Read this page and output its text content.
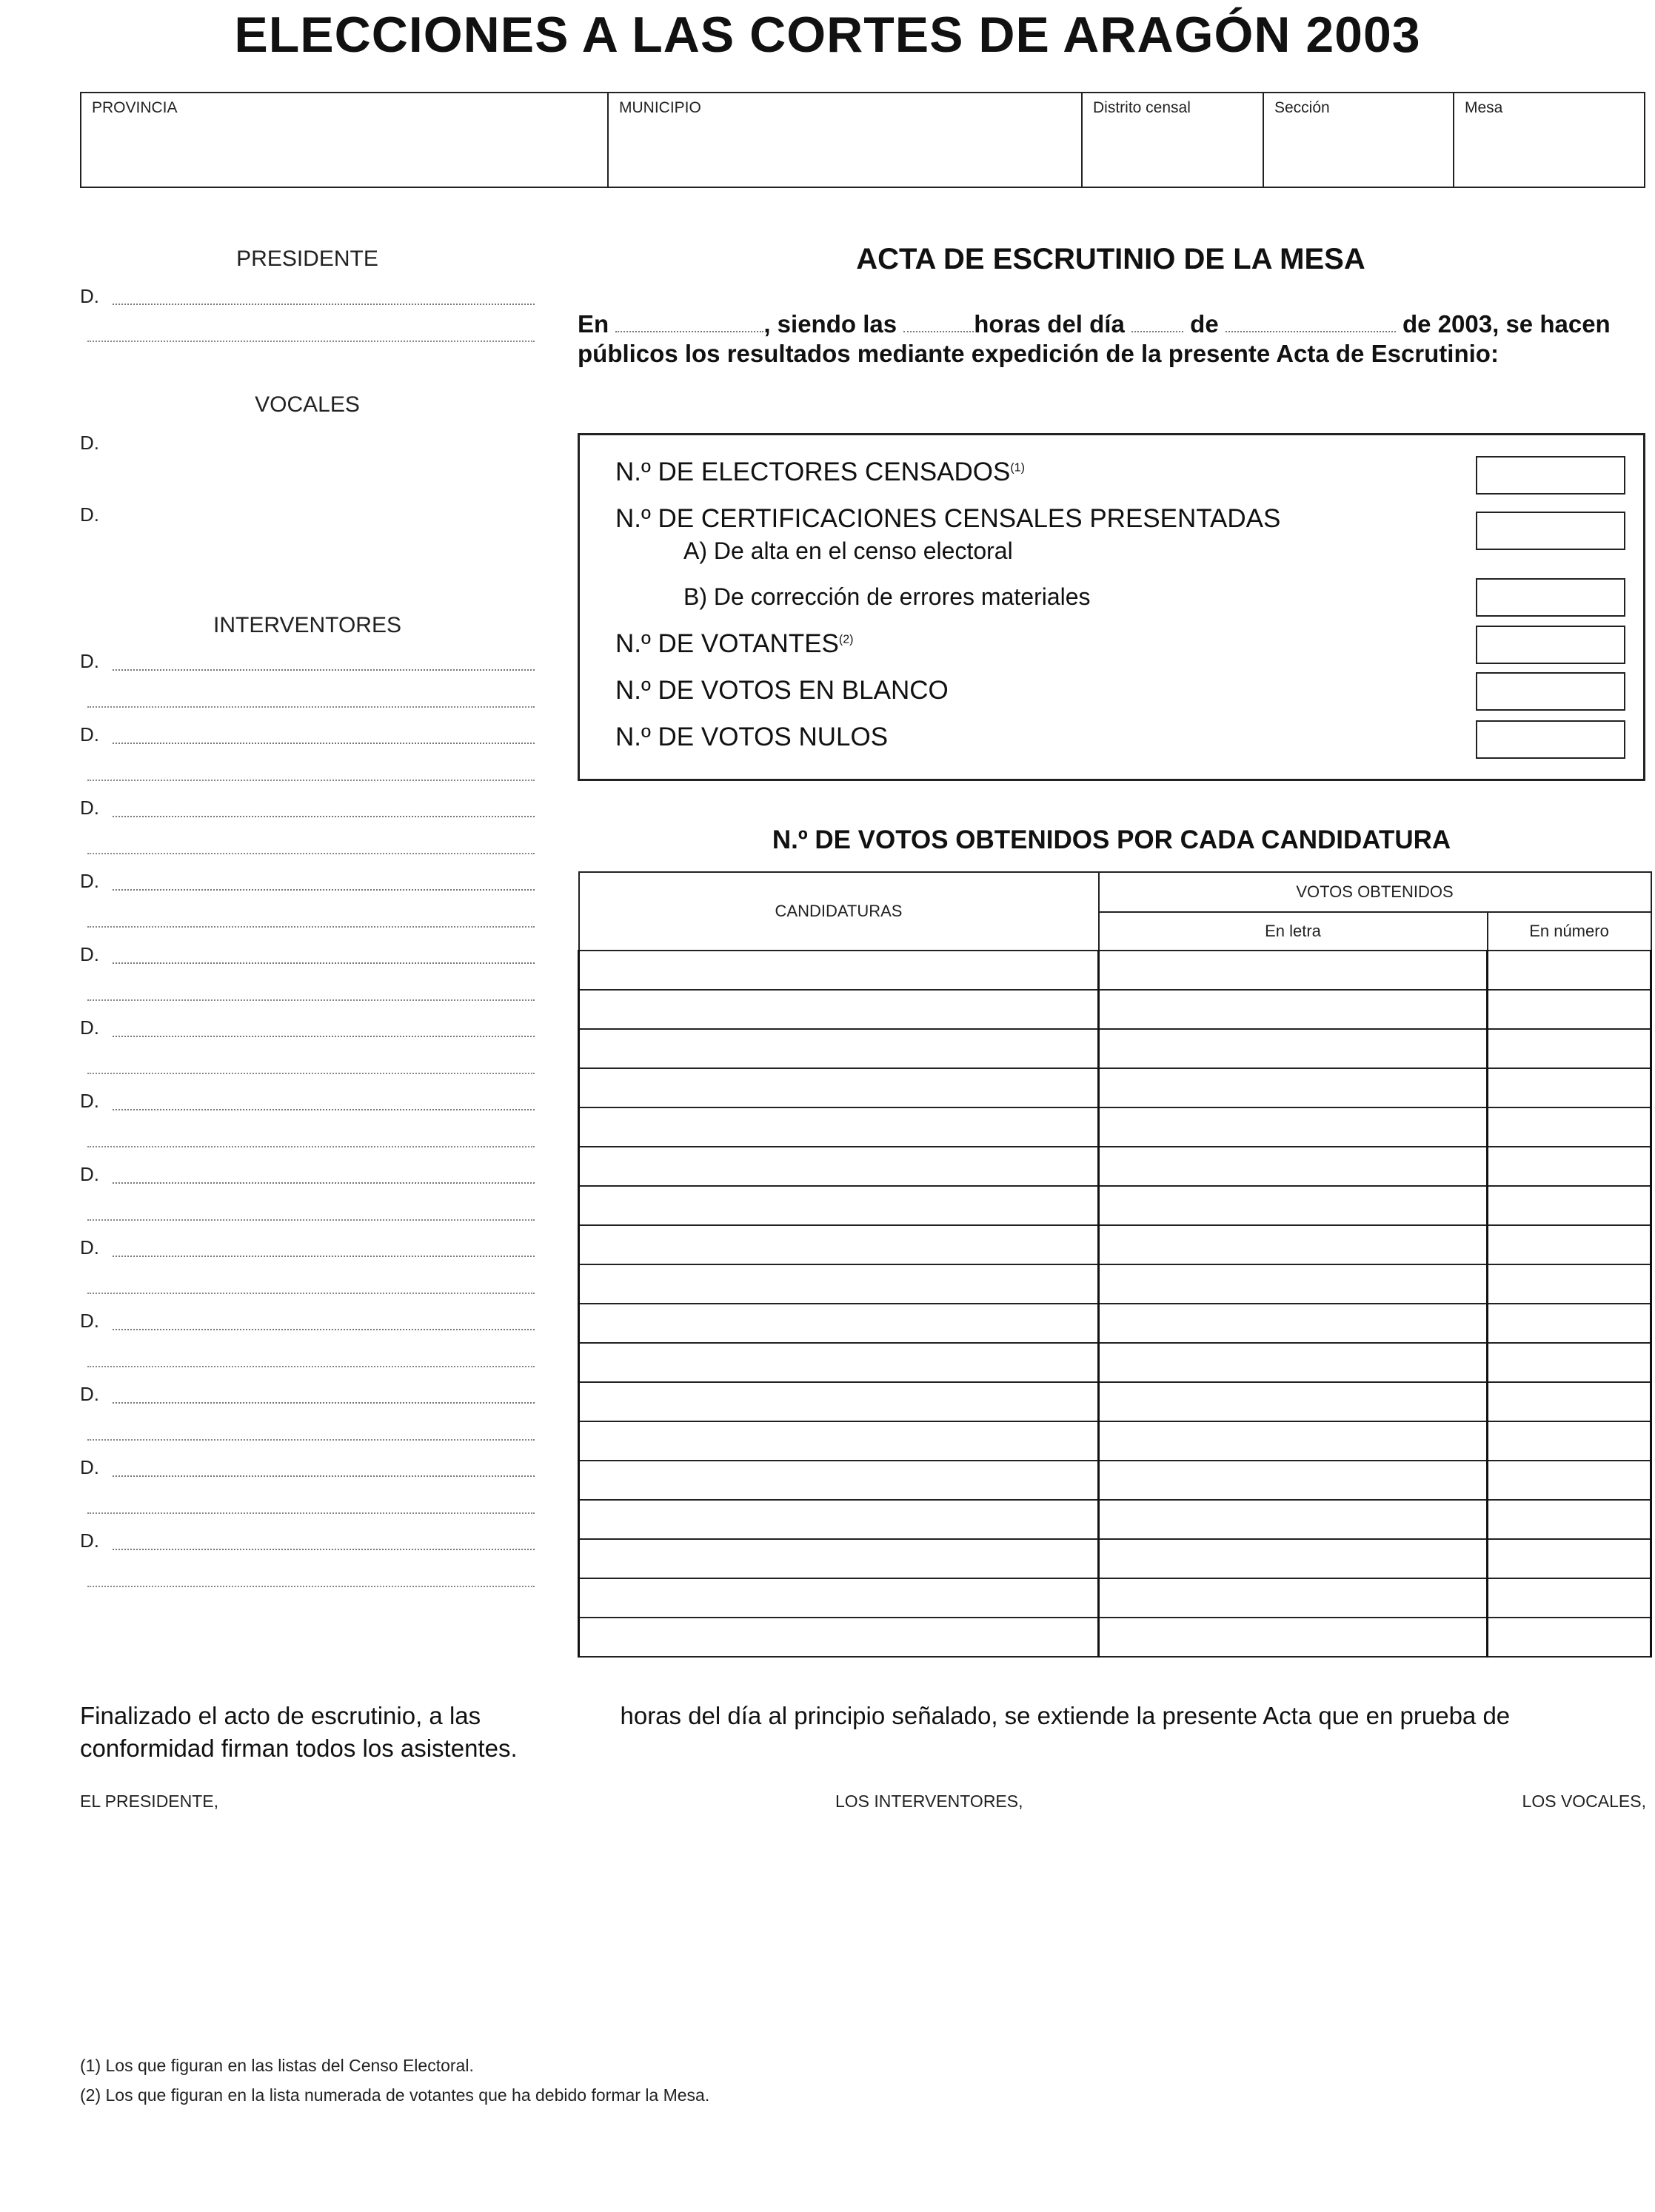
ELECCIONES A LAS CORTES DE ARAGÓN 2003
PROVINCIA	MUNICIPIO	Distrito censal	Sección	Mesa
PRESIDENTE
D.
VOCALES
D.
D.
INTERVENTORES
D.
D.
D.
D.
D.
D.
D.
D.
D.
D.
D.
D.
D.
ACTA DE ESCRUTINIO DE LA MESA
En	, siendo las	horas del día	de	de 2003, se hacen públicos los resultados mediante expedición de la presente Acta de Escrutinio:
N.º DE ELECTORES CENSADOS$^{(1)}$
N.º DE CERTIFICACIONES CENSALES PRESENTADAS
A) De alta en el censo electoral
B) De corrección de errores materiales
N.º DE VOTANTES$^{(2)}$
N.º DE VOTOS EN BLANCO
N.º DE VOTOS NULOS
N.º DE VOTOS OBTENIDOS POR CADA CANDIDATURA
CANDIDATURAS	VOTOS OBTENIDOS	
	En letra	En número

Finalizado el acto de escrutinio, a las	horas del día al principio señalado, se extiende la presente Acta que en prueba de conformidad firman todos los asistentes.
EL PRESIDENTE,	LOS INTERVENTORES,	LOS VOCALES,
(1) Los que figuran en las listas del Censo Electoral.
(2) Los que figuran en la lista numerada de votantes que ha debido formar la Mesa.
